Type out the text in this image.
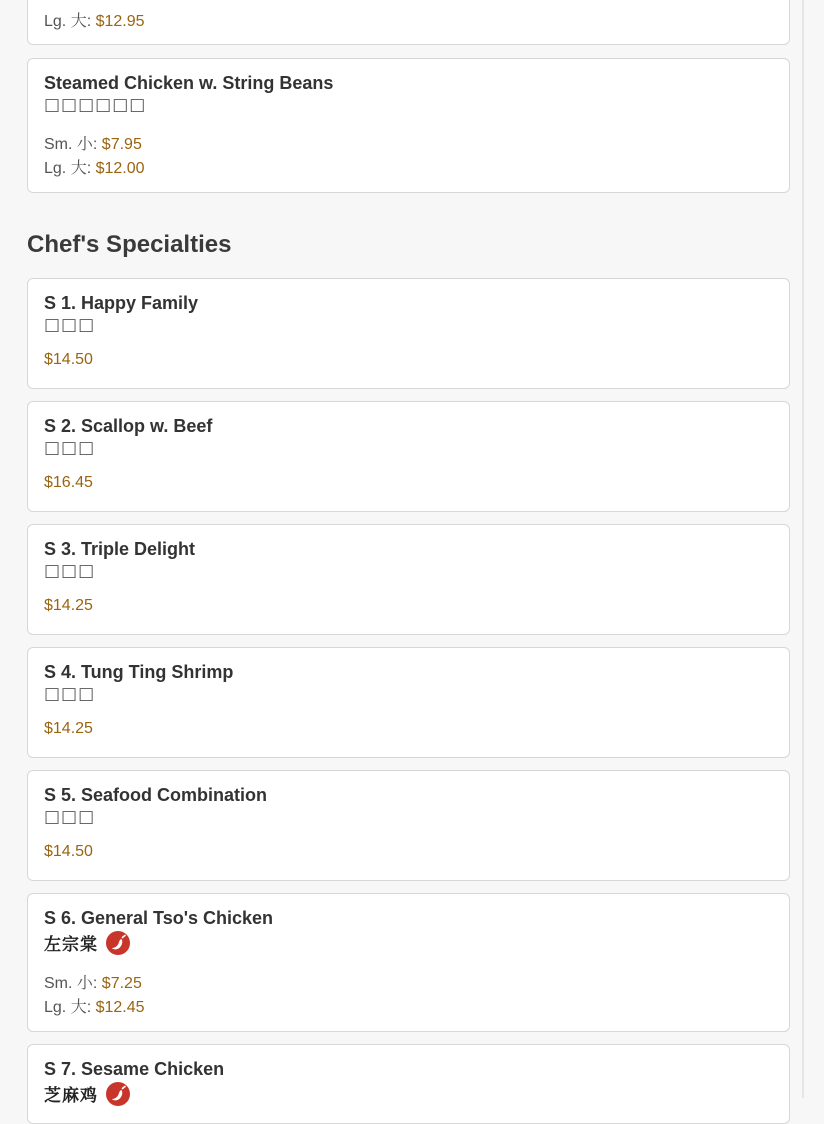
Lg. 大: $12.95
Steamed Chicken w. String Beans
□□□□□□
Sm. 小: $7.95
Lg. 大: $12.00
Chef's Specialties
S 1. Happy Family
□□□
$14.50
S 2. Scallop w. Beef
□□□
$16.45
S 3. Triple Delight
□□□
$14.25
S 4. Tung Ting Shrimp
□□□
$14.25
S 5. Seafood Combination
□□□
$14.50
S 6. General Tso's Chicken
左宗棠
Sm. 小: $7.25
Lg. 大: $12.45
S 7. Sesame Chicken
芝麻鸡
